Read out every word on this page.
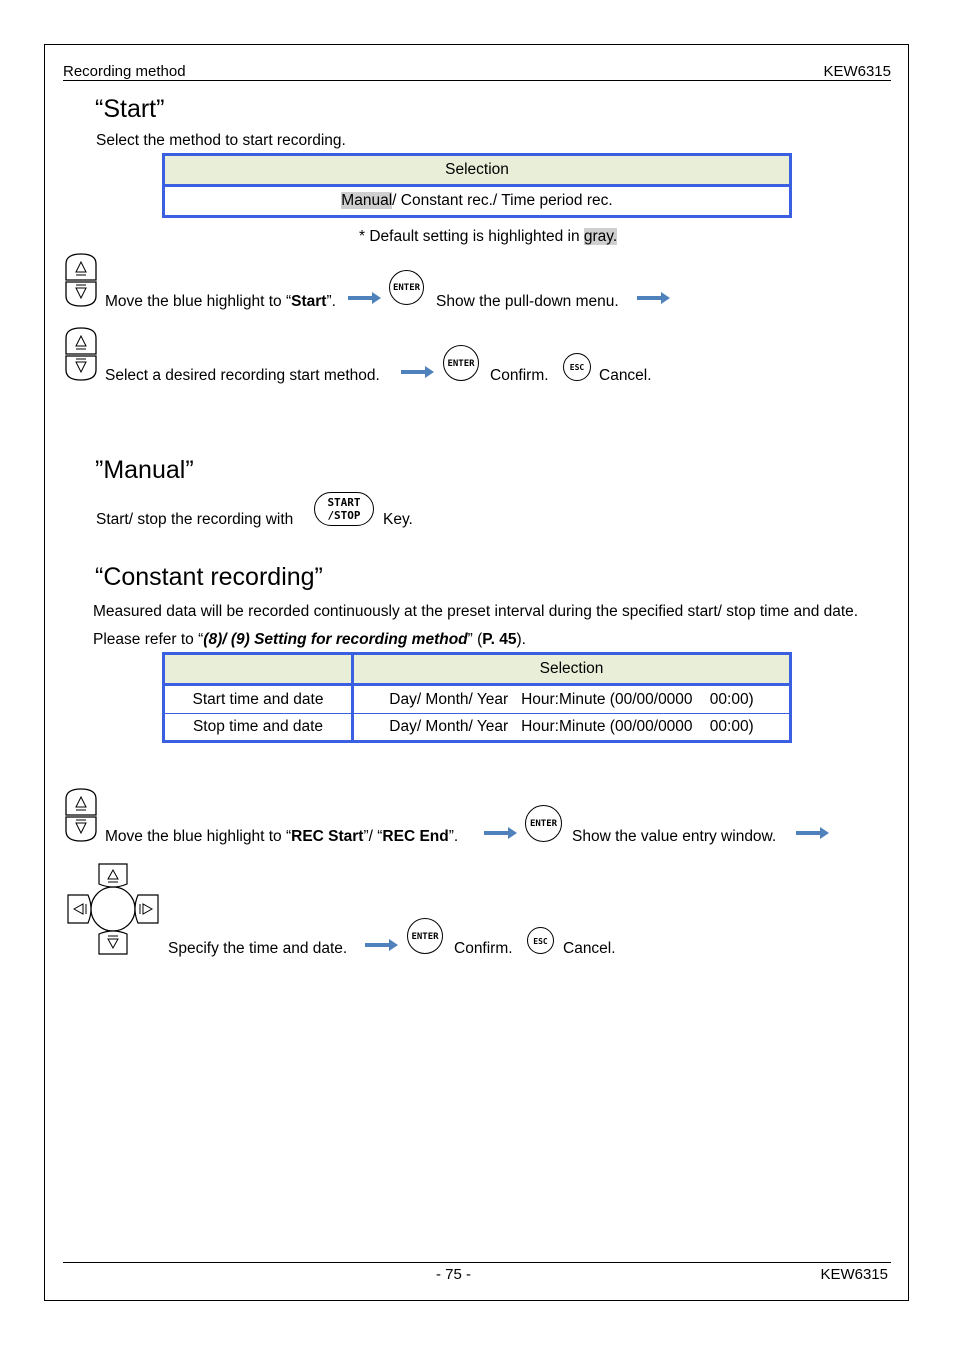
Recording method	KEW6315
“Start”
Select the method to start recording.
Selection
Manual/ Constant rec./ Time period rec.
* Default setting is highlighted in gray.
Move the blue highlight to “Start”.
ENTER
Show the pull-down menu.
Select a desired recording start method.
ENTER
Confirm.	ESC Cancel.
”Manual”
Start/ stop the recording with
START
/STOP	Key.
“Constant recording”
Measured data will be recorded continuously at the preset interval during the specified start/ stop time and date.
Please refer to “(8)/ (9) Setting for recording method” (P. 45).
	Selection
Start time and date	Day/ Month/ Year   Hour:Minute (00/00/0000    00:00)
Stop time and date	Day/ Month/ Year   Hour:Minute (00/00/0000    00:00)
Move the blue highlight to “REC Start”/ “REC End”.
ENTER
Show the value entry window.
Specify the time and date.
ENTER
Confirm.	ESC Cancel.
- 75 -	KEW6315
